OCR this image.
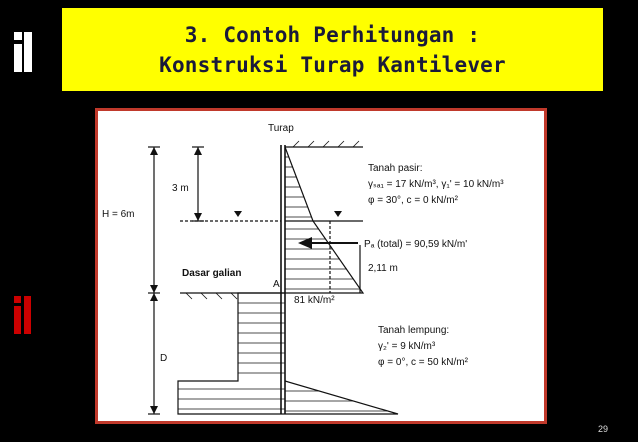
3. Contoh Perhitungan :
Konstruksi Turap Kantilever
Turap
H = 6m
3 m
Dasar galian
A
D
81 kN/m²
2,11 m
Pₐ (total) = 90,59 kN/m'
Tanah pasir:
γₛₐ₁ = 17 kN/m³, γ₁' = 10 kN/m³
φ = 30°, c = 0 kN/m²
Tanah lempung:
γ₂' = 9 kN/m³
φ = 0°, c = 50 kN/m²
29
